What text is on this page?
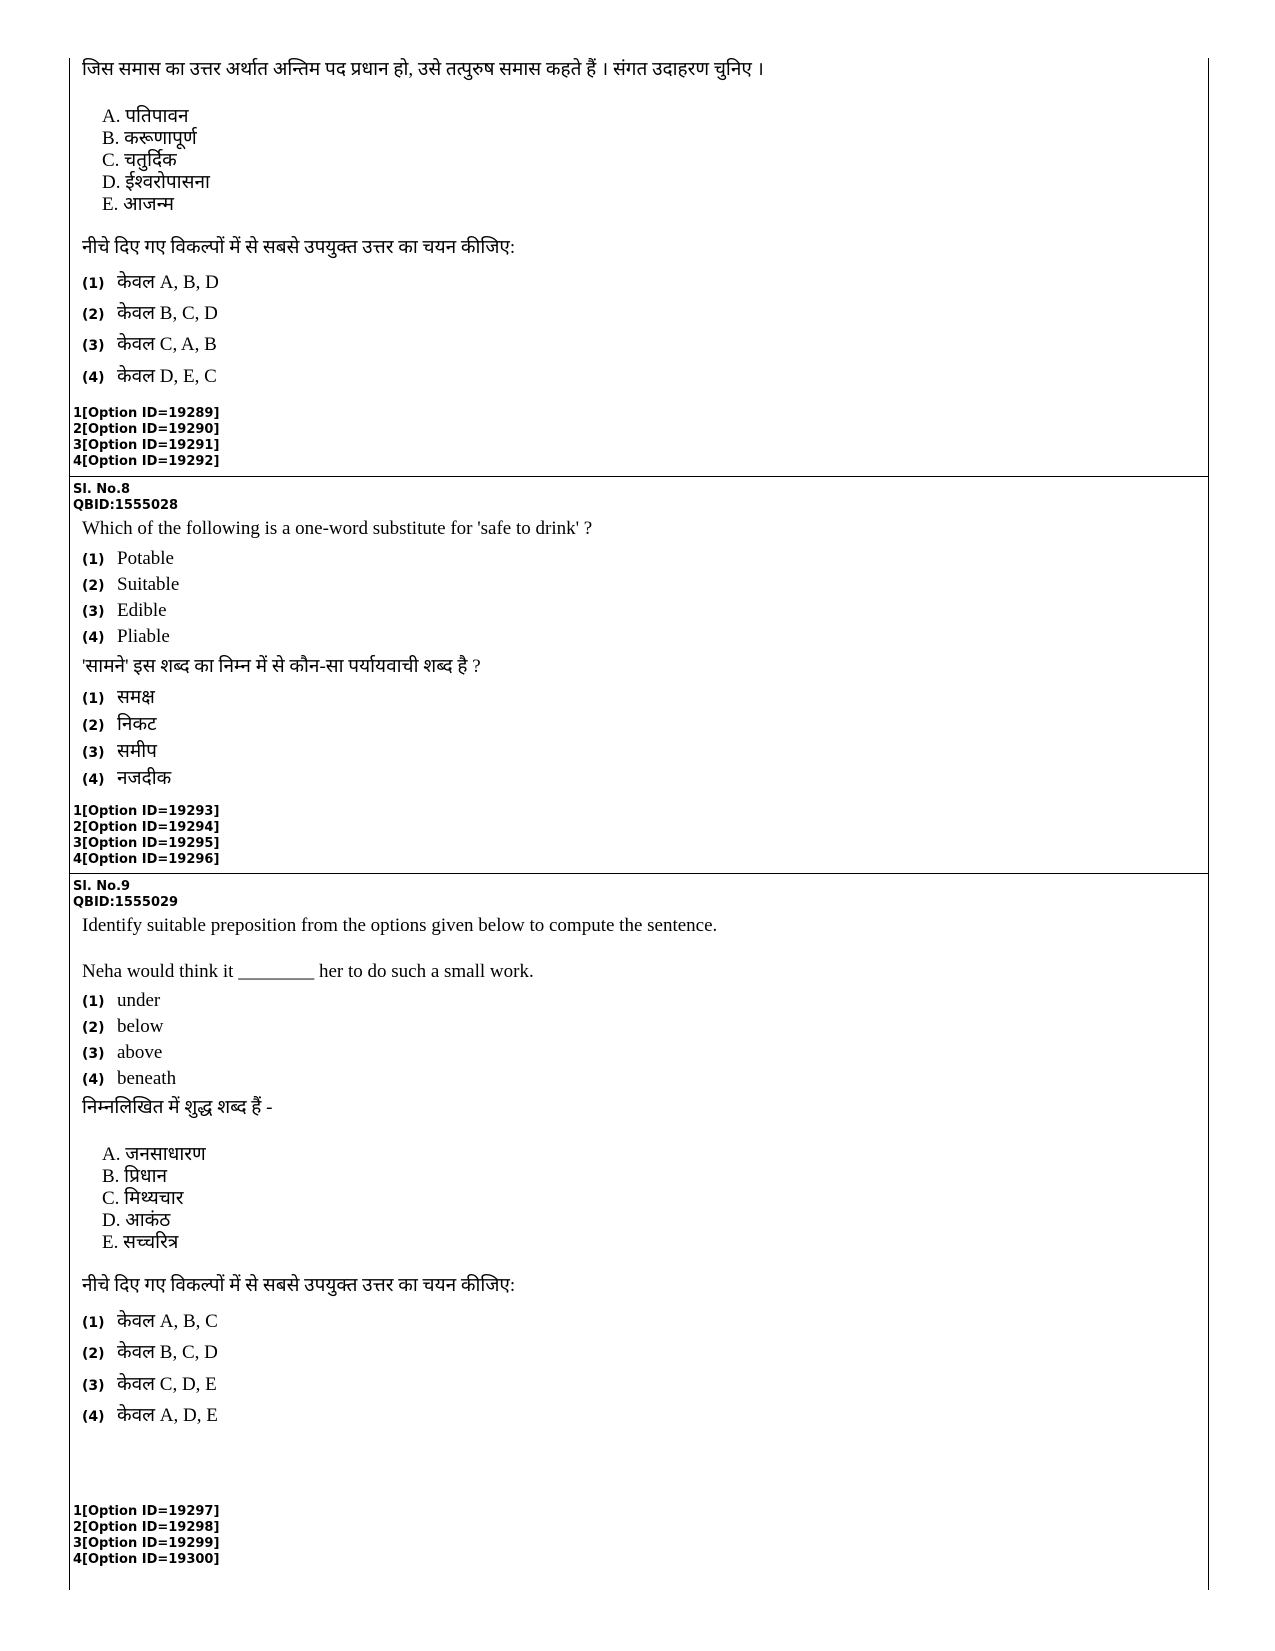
जिस समास का उत्तर अर्थात अन्तिम पद प्रधान हो, उसे तत्पुरुष समास कहते हैं । संगत उदाहरण चुनिए ।
A. पतिपावन
B. करूणापूर्ण
C. चतुर्दिक
D. ईश्वरोपासना
E. आजन्म
नीचे दिए गए विकल्पों में से सबसे उपयुक्त उत्तर का चयन कीजिए:
(1) केवल A, B, D
(2) केवल B, C, D
(3) केवल C, A, B
(4) केवल D, E, C
1[Option ID=19289]
2[Option ID=19290]
3[Option ID=19291]
4[Option ID=19292]
Sl. No.8
QBID:1555028
Which of the following is a one-word substitute for 'safe to drink' ?
(1) Potable
(2) Suitable
(3) Edible
(4) Pliable
'सामने' इस शब्द का निम्न में से कौन-सा पर्यायवाची शब्द है ?
(1) समक्ष
(2) निकट
(3) समीप
(4) नजदीक
1[Option ID=19293]
2[Option ID=19294]
3[Option ID=19295]
4[Option ID=19296]
Sl. No.9
QBID:1555029
Identify suitable preposition from the options given below to compute the sentence.
Neha would think it ________ her to do such a small work.
(1) under
(2) below
(3) above
(4) beneath
निम्नलिखित में शुद्ध शब्द हैं -
A. जनसाधारण
B. प्रिधान
C. मिथ्यचार
D. आकंठ
E. सच्चरित्र
नीचे दिए गए विकल्पों में से सबसे उपयुक्त उत्तर का चयन कीजिए:
(1) केवल A, B, C
(2) केवल B, C, D
(3) केवल C, D, E
(4) केवल A, D, E
1[Option ID=19297]
2[Option ID=19298]
3[Option ID=19299]
4[Option ID=19300]
